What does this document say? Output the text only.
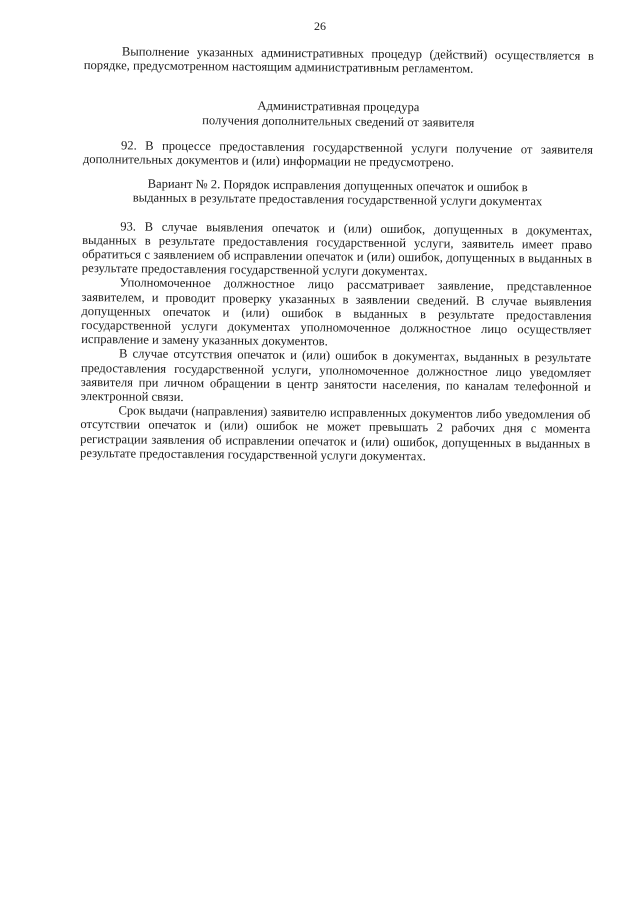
26

Выполнение указанных административных процедур (действий) осуществляется в порядке, предусмотренном настоящим административным регламентом.

Административная процедура

получения дополнительных сведений от заявителя

92. В процессе предоставления государственной услуги получение от заявителя дополнительных документов и (или) информации не предусмотрено.

Вариант № 2. Порядок исправления допущенных опечаток и ошибок в

выданных в результате предоставления государственной услуги документах

93. В случае выявления опечаток и (или) ошибок, допущенных в документах, выданных в результате предоставления государственной услуги, заявитель имеет право обратиться с заявлением об исправлении опечаток и (или) ошибок, допущенных в выданных в результате предоставления государственной услуги документах.

Уполномоченное должностное лицо рассматривает заявление, представленное заявителем, и проводит проверку указанных в заявлении сведений. В случае выявления допущенных опечаток и (или) ошибок в выданных в результате предоставления государственной услуги документах уполномоченное должностное лицо осуществляет исправление и замену указанных документов.

В случае отсутствия опечаток и (или) ошибок в документах, выданных в результате предоставления государственной услуги, уполномоченное должностное лицо уведомляет заявителя при личном обращении в центр занятости населения, по каналам телефонной и электронной связи.

Срок выдачи (направления) заявителю исправленных документов либо уведомления об отсутствии опечаток и (или) ошибок не может превышать 2 рабочих дня с момента регистрации заявления об исправлении опечаток и (или) ошибок, допущенных в выданных в результате предоставления государственной услуги документах.
